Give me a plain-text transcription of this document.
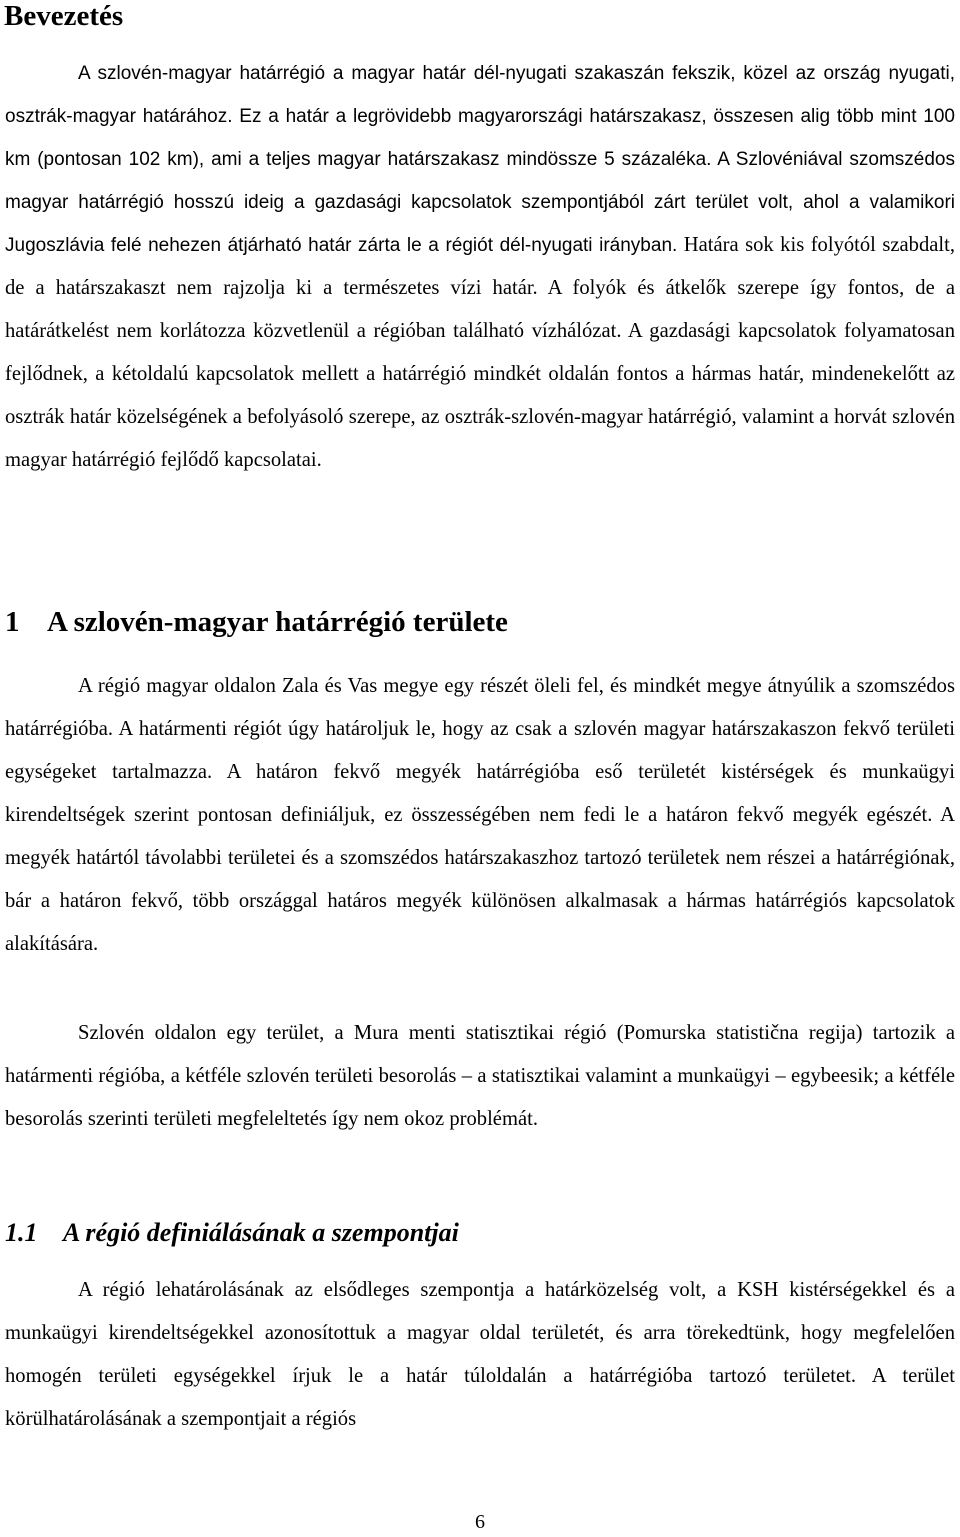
Bevezetés

A szlovén-magyar határrégió a magyar határ dél-nyugati szakaszán fekszik, közel az ország nyugati, osztrák-magyar határához. Ez a határ a legrövidebb magyarországi határszakasz, összesen alig több mint 100 km (pontosan 102 km), ami a teljes magyar határszakasz mindössze 5 százaléka. A Szlovéniával szomszédos magyar határrégió hosszú ideig a gazdasági kapcsolatok szempontjából zárt terület volt, ahol a valamikori Jugoszlávia felé nehezen átjárható határ zárta le a régiót dél-nyugati irányban. Határa sok kis folyótól szabdalt, de a határszakaszt nem rajzolja ki a természetes vízi határ. A folyók és átkelők szerepe így fontos, de a határátkelést nem korlátozza közvetlenül a régióban található vízhálózat. A gazdasági kapcsolatok folyamatosan fejlődnek, a kétoldalú kapcsolatok mellett a határrégió mindkét oldalán fontos a hármas határ, mindenekelőtt az osztrák határ közelségének a befolyásoló szerepe, az osztrák-szlovén-magyar határrégió, valamint a horvát szlovén magyar határrégió fejlődő kapcsolatai.

1 A szlovén-magyar határrégió területe

A régió magyar oldalon Zala és Vas megye egy részét öleli fel, és mindkét megye átnyúlik a szomszédos határrégióba. A határmenti régiót úgy határoljuk le, hogy az csak a szlovén magyar határszakaszon fekvő területi egységeket tartalmazza. A határon fekvő megyék határrégióba eső területét kistérségek és munkaügyi kirendeltségek szerint pontosan definiáljuk, ez összességében nem fedi le a határon fekvő megyék egészét. A megyék határtól távolabbi területei és a szomszédos határszakaszhoz tartozó területek nem részei a határrégiónak, bár a határon fekvő, több országgal határos megyék különösen alkalmasak a hármas határrégiós kapcsolatok alakítására.

Szlovén oldalon egy terület, a Mura menti statisztikai régió (Pomurska statistična regija) tartozik a határmenti régióba, a kétféle szlovén területi besorolás – a statisztikai valamint a munkaügyi – egybeesik; a kétféle besorolás szerinti területi megfeleltetés így nem okoz problémát.

1.1 A régió definiálásának a szempontjai

A régió lehatárolásának az elsődleges szempontja a határközelség volt, a KSH kistérségekkel és a munkaügyi kirendeltségekkel azonosítottuk a magyar oldal területét, és arra törekedtünk, hogy megfelelően homogén területi egységekkel írjuk le a határ túloldalán a határrégióba tartozó területet. A terület körülhatárolásának a szempontjait a régiós

6
